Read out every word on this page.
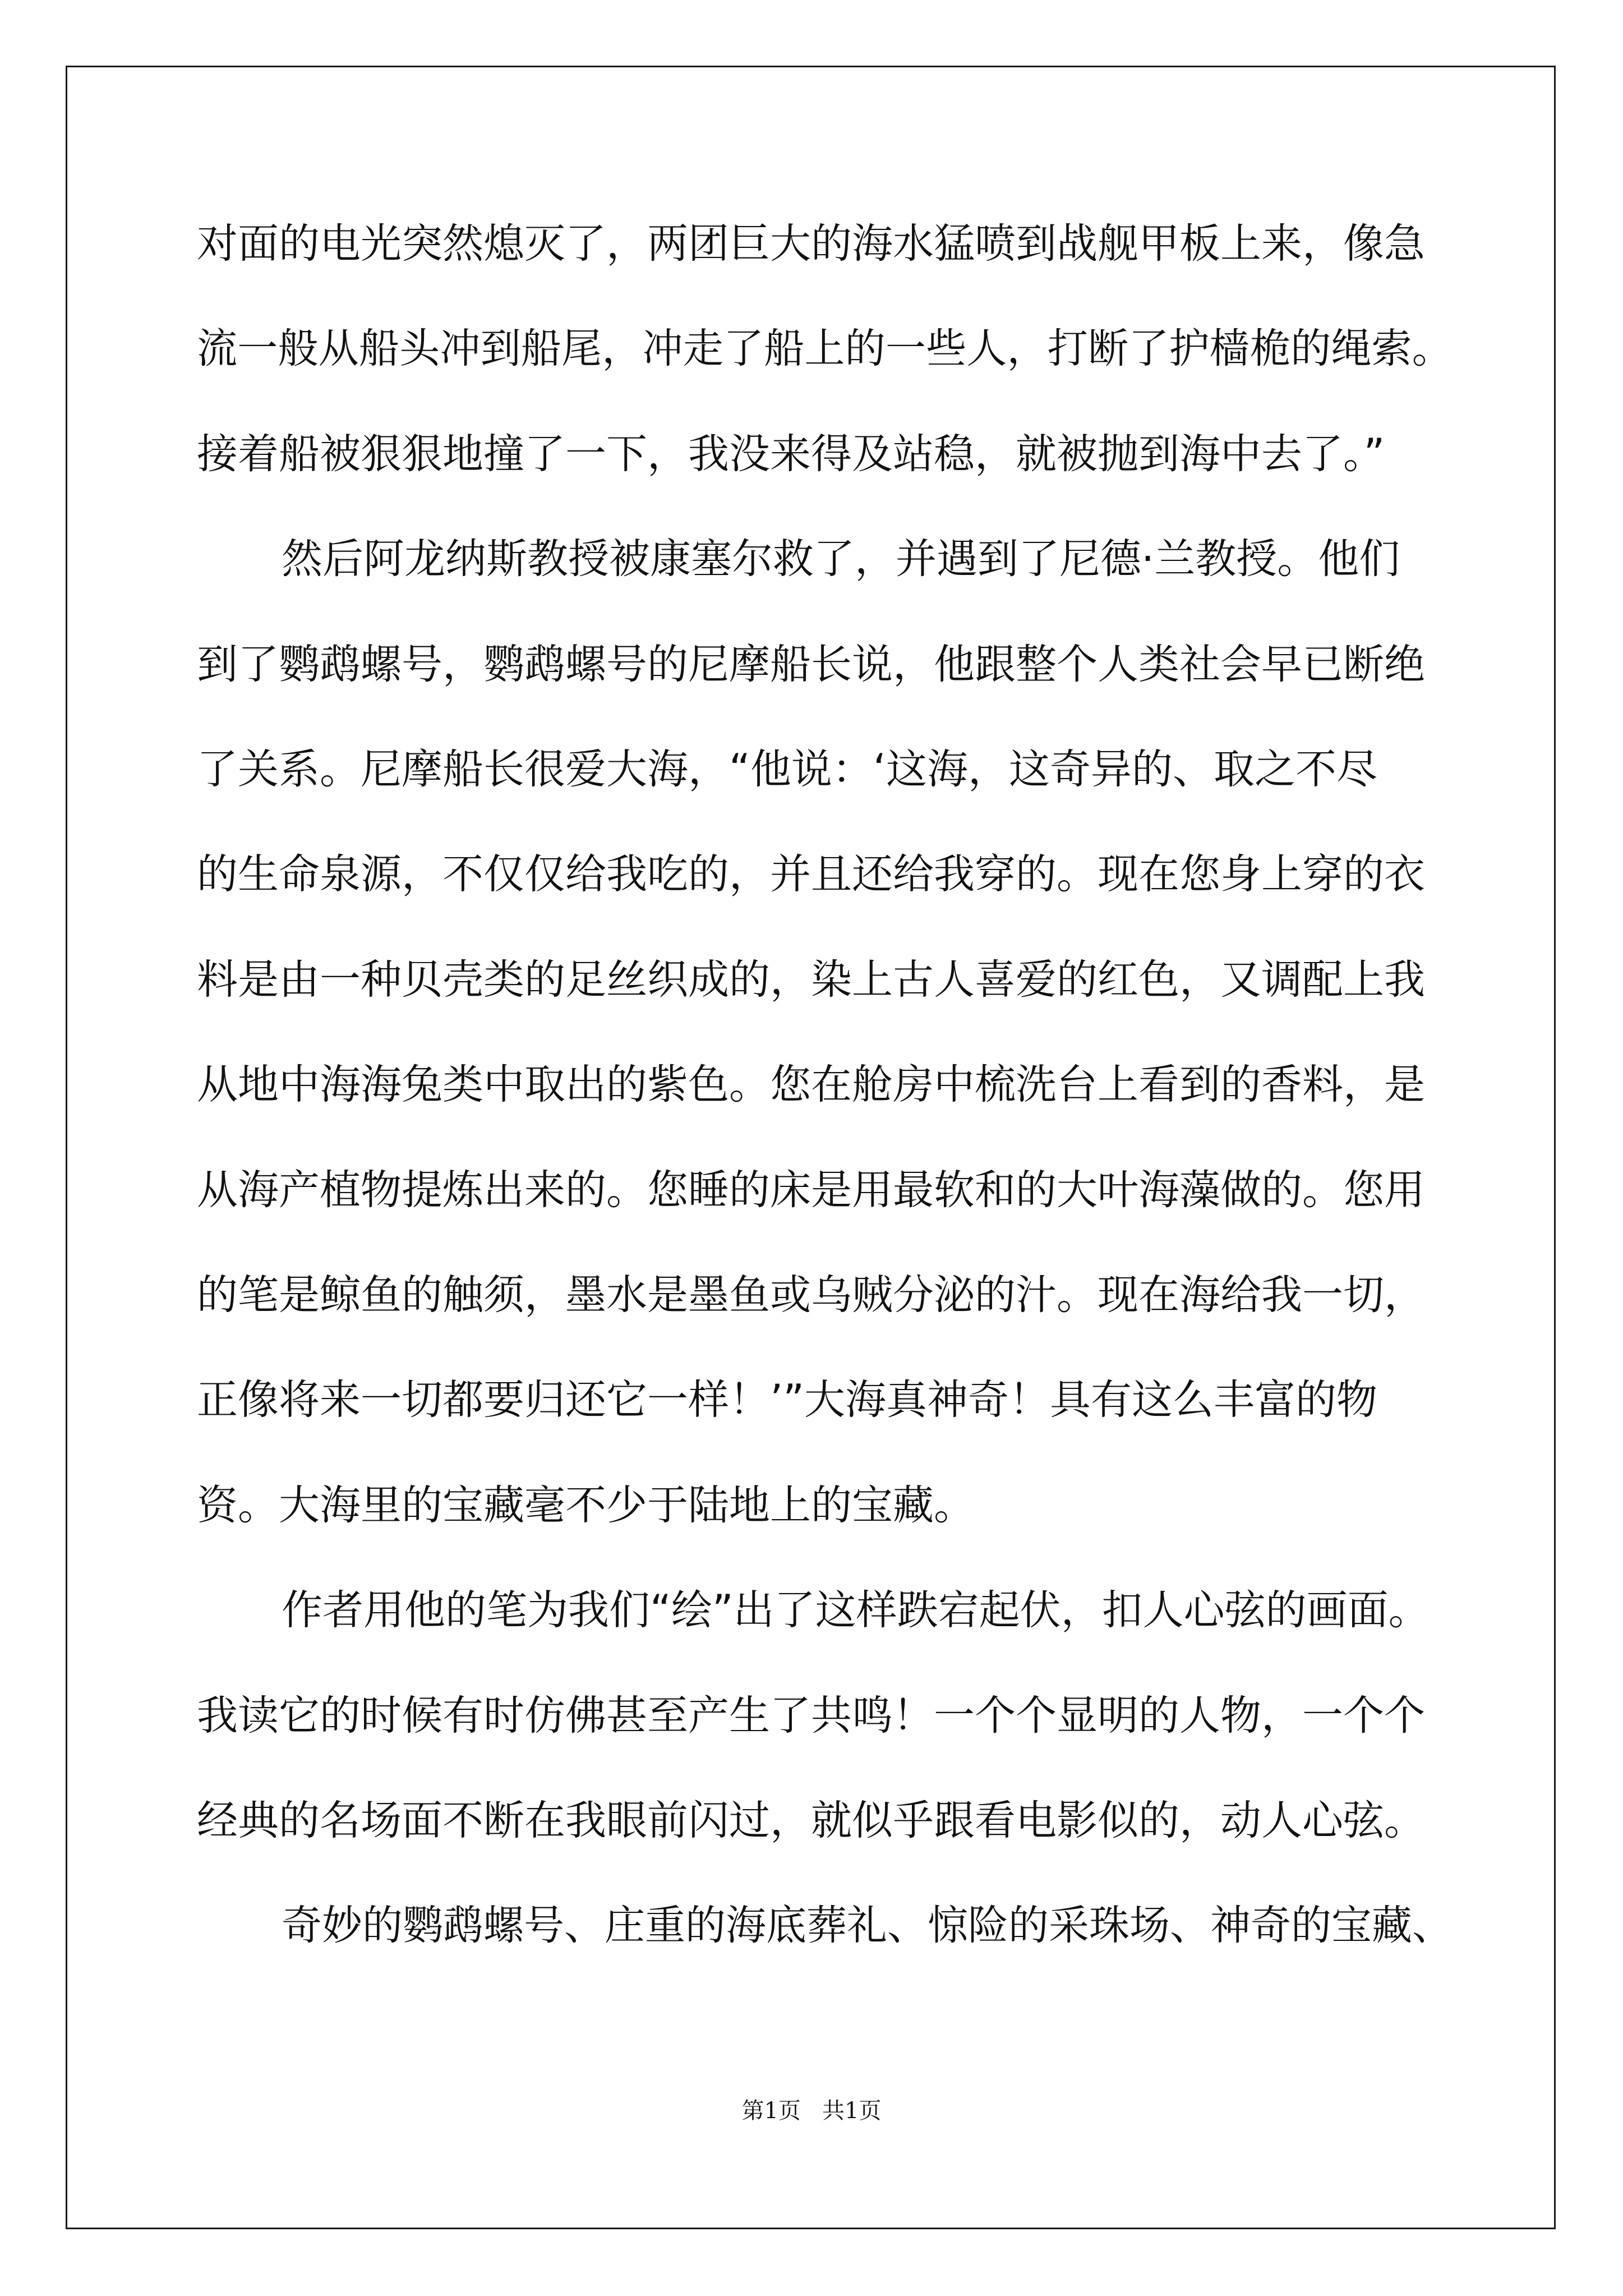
对面的电光突然熄灭了，两团巨大的海水猛喷到战舰甲板上来，像急
流一般从船头冲到船尾，冲走了船上的一些人，打断了护樯桅的绳索。
接着船被狠狠地撞了一下，我没来得及站稳，就被抛到海中去了。”
然后阿龙纳斯教授被康塞尔救了，并遇到了尼德·兰教授。他们
到了鹦鹉螺号，鹦鹉螺号的尼摩船长说，他跟整个人类社会早已断绝
了关系。尼摩船长很爱大海，“他说：‘这海，这奇异的、取之不尽
的生命泉源，不仅仅给我吃的，并且还给我穿的。现在您身上穿的衣
料是由一种贝壳类的足丝织成的，染上古人喜爱的红色，又调配上我
从地中海海兔类中取出的紫色。您在舱房中梳洗台上看到的香料，是
从海产植物提炼出来的。您睡的床是用最软和的大叶海藻做的。您用
的笔是鲸鱼的触须，墨水是墨鱼或乌贼分泌的汁。现在海给我一切，
正像将来一切都要归还它一样！’”大海真神奇！具有这么丰富的物
资。大海里的宝藏毫不少于陆地上的宝藏。
作者用他的笔为我们“绘”出了这样跌宕起伏，扣人心弦的画面。
我读它的时候有时仿佛甚至产生了共鸣！一个个显明的人物，一个个
经典的名场面不断在我眼前闪过，就似乎跟看电影似的，动人心弦。
奇妙的鹦鹉螺号、庄重的海底葬礼、惊险的采珠场、神奇的宝藏、
第1页   共1页
